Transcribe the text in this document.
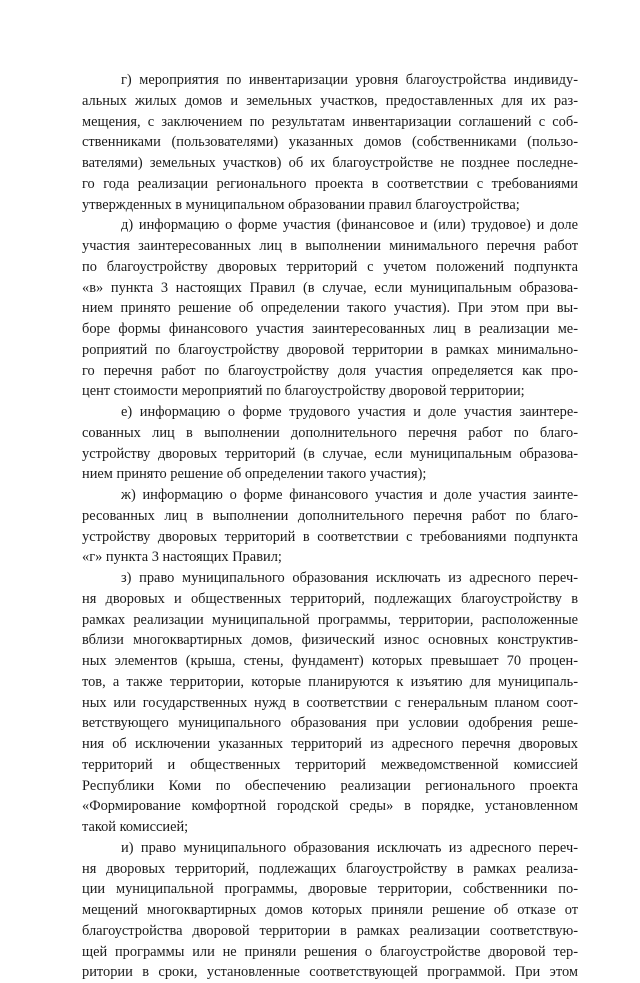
г) мероприятия по инвентаризации уровня благоустройства индивиду-
альных жилых домов и земельных участков, предоставленных для их раз-
мещения, с заключением по результатам инвентаризации соглашений с соб-
ственниками (пользователями) указанных домов (собственниками (пользо-
вателями) земельных участков) об их благоустройстве не позднее последне-
го года реализации регионального проекта в соответствии с требованиями
утвержденных в муниципальном образовании правил благоустройства;
д) информацию о форме участия (финансовое и (или) трудовое) и доле
участия заинтересованных лиц в выполнении минимального перечня работ
по благоустройству дворовых территорий с учетом положений подпункта
«в» пункта 3 настоящих Правил (в случае, если муниципальным образова-
нием принято решение об определении такого участия). При этом при вы-
боре формы финансового участия заинтересованных лиц в реализации ме-
роприятий по благоустройству дворовой территории в рамках минимально-
го перечня работ по благоустройству доля участия определяется как про-
цент стоимости мероприятий по благоустройству дворовой территории;
е) информацию о форме трудового участия и доле участия заинтере-
сованных лиц в выполнении дополнительного перечня работ по благо-
устройству дворовых территорий (в случае, если муниципальным образова-
нием принято решение об определении такого участия);
ж) информацию о форме финансового участия и доле участия заинте-
ресованных лиц в выполнении дополнительного перечня работ по благо-
устройству дворовых территорий в соответствии с требованиями подпункта
«г» пункта 3 настоящих Правил;
з) право муниципального образования исключать из адресного переч-
ня дворовых и общественных территорий, подлежащих благоустройству в
рамках реализации муниципальной программы, территории, расположенные
вблизи многоквартирных домов, физический износ основных конструктив-
ных элементов (крыша, стены, фундамент) которых превышает 70 процен-
тов, а также территории, которые планируются к изъятию для муниципаль-
ных или государственных нужд в соответствии с генеральным планом соот-
ветствующего муниципального образования при условии одобрения реше-
ния об исключении указанных территорий из адресного перечня дворовых
территорий и общественных территорий межведомственной комиссией
Республики Коми по обеспечению реализации регионального проекта
«Формирование комфортной городской среды» в порядке, установленном
такой комиссией;
и) право муниципального образования исключать из адресного переч-
ня дворовых территорий, подлежащих благоустройству в рамках реализа-
ции муниципальной программы, дворовые территории, собственники по-
мещений многоквартирных домов которых приняли решение об отказе от
благоустройства дворовой территории в рамках реализации соответствую-
щей программы или не приняли решения о благоустройстве дворовой тер-
ритории в сроки, установленные соответствующей программой. При этом
